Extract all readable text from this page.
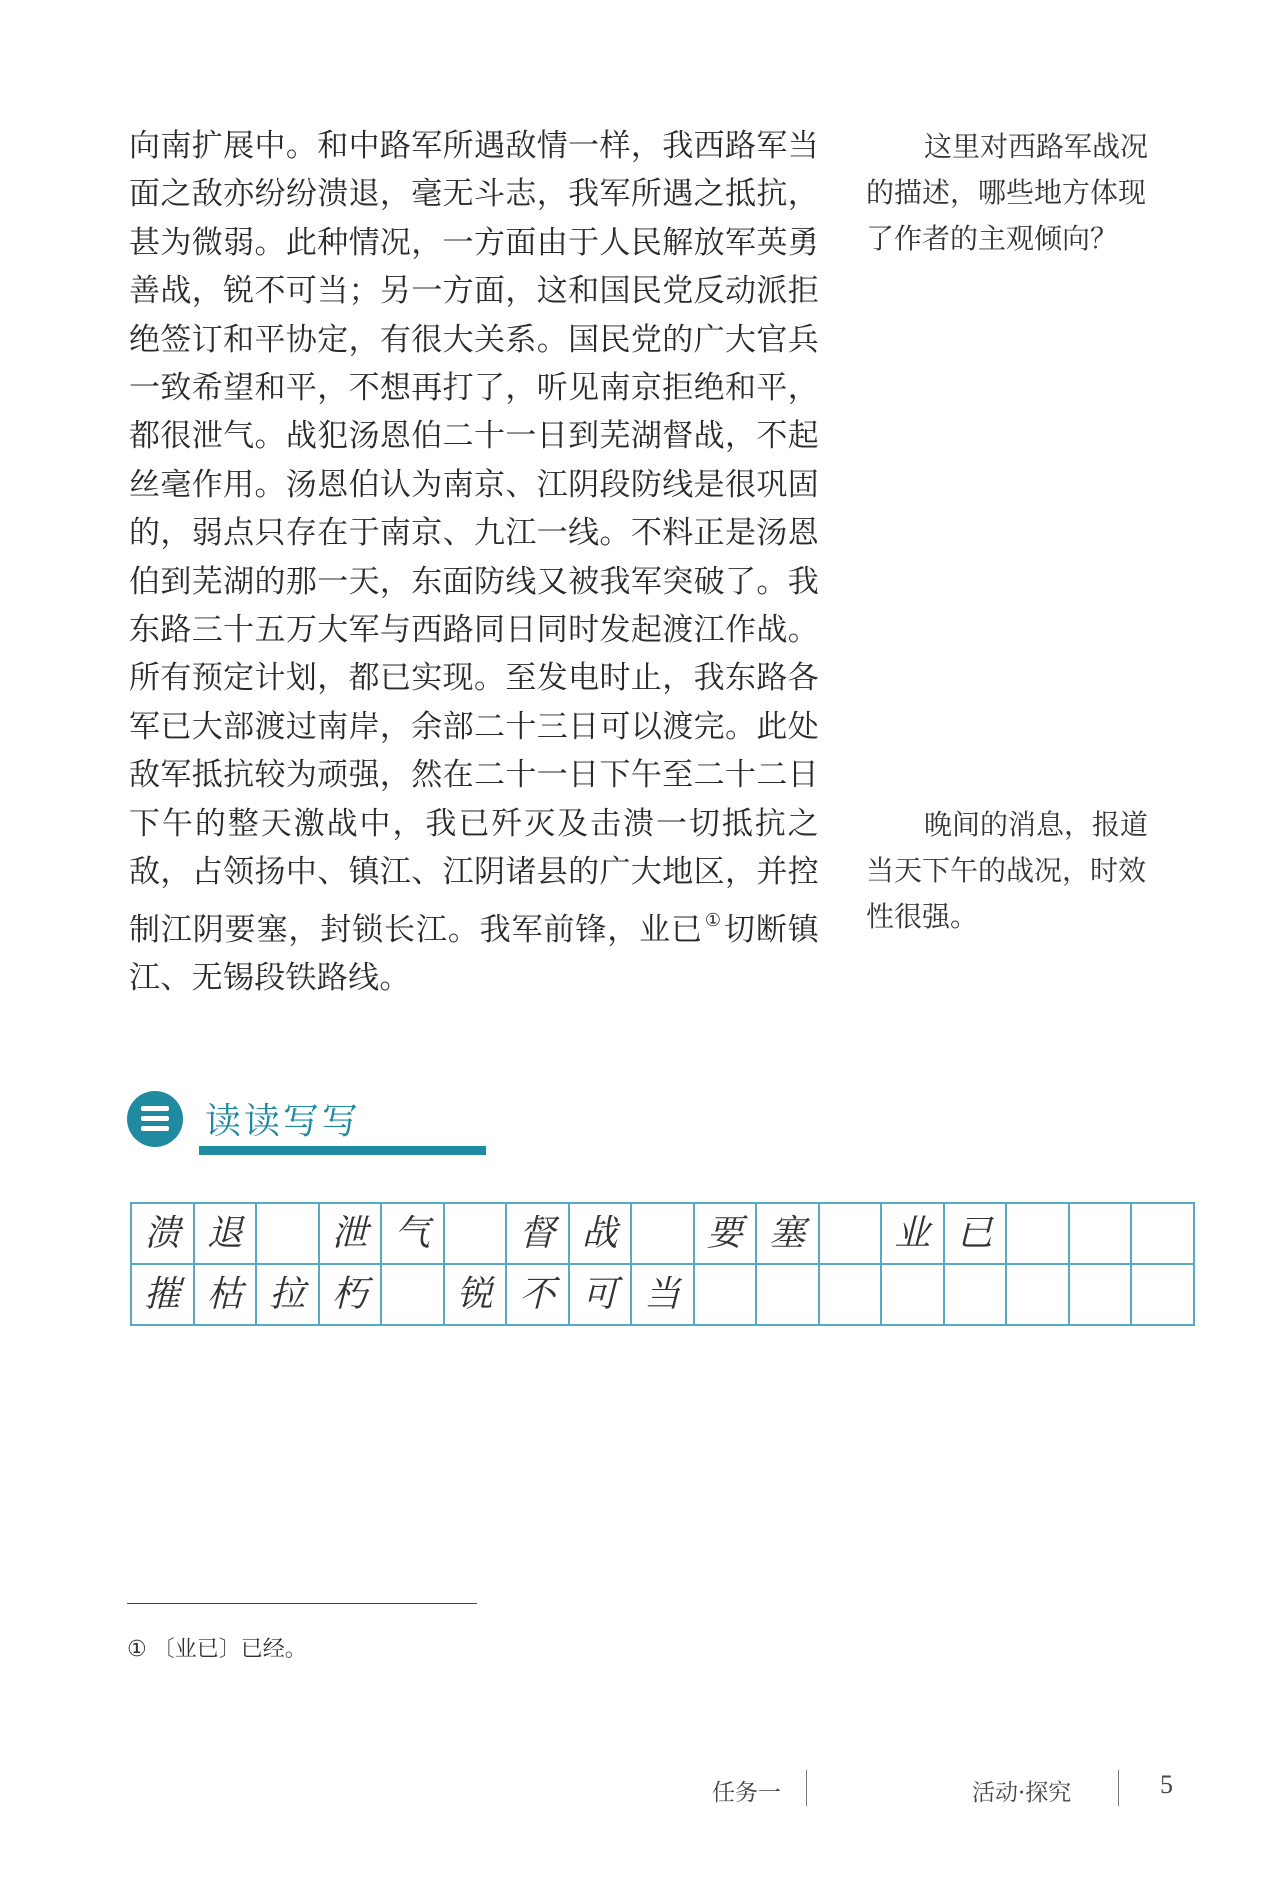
向南扩展中。和中路军所遇敌情一样，我西路军当
面之敌亦纷纷溃退，毫无斗志，我军所遇之抵抗，
甚为微弱。此种情况，一方面由于人民解放军英勇
善战，锐不可当；另一方面，这和国民党反动派拒
绝签订和平协定，有很大关系。国民党的广大官兵
一致希望和平，不想再打了，听见南京拒绝和平，
都很泄气。战犯汤恩伯二十一日到芜湖督战，不起
丝毫作用。汤恩伯认为南京、江阴段防线是很巩固
的，弱点只存在于南京、九江一线。不料正是汤恩
伯到芜湖的那一天，东面防线又被我军突破了。我
东路三十五万大军与西路同日同时发起渡江作战。
所有预定计划，都已实现。至发电时止，我东路各
军已大部渡过南岸，余部二十三日可以渡完。此处
敌军抵抗较为顽强，然在二十一日下午至二十二日
下午的整天激战中，我已歼灭及击溃一切抵抗之
敌，占领扬中、镇江、江阴诸县的广大地区，并控
制江阴要塞，封锁长江。我军前锋，业已 ①切断镇
江、无锡段铁路线。
这里对西路军战况
的描述，哪些地方体现
了作者的主观倾向？
晚间的消息，报道
当天下午的战况，时效
性很强。
读读写写
溃	退		泄	气		督	战		要	塞		业	已			
摧	枯	拉	朽		锐	不	可	当								
① 〔业已〕已经。
任务一	活动·探究	5
